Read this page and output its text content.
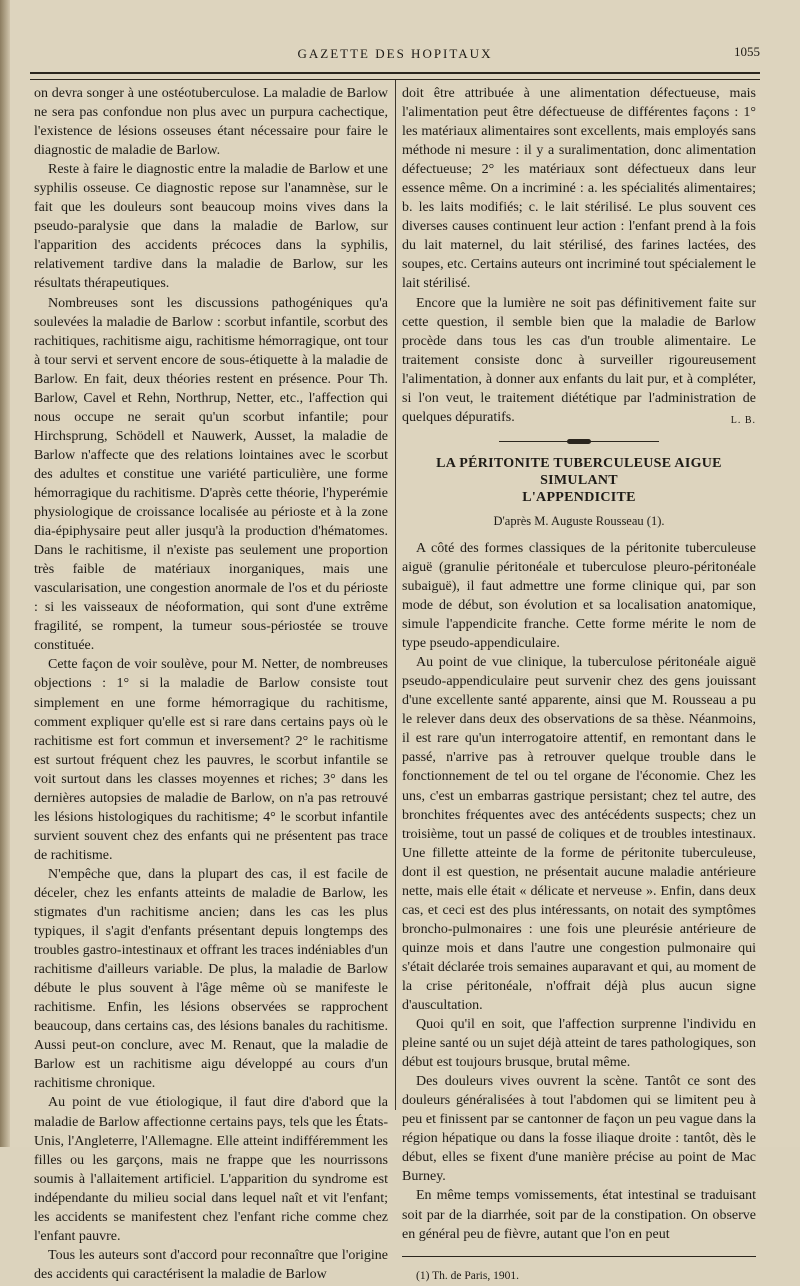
GAZETTE DES HOPITAUX	1055

on devra songer à une ostéotuberculose. La maladie de Barlow ne sera pas confondue non plus avec un purpura cachectique, l'existence de lésions osseuses étant nécessaire pour faire le diagnostic de maladie de Barlow.

Reste à faire le diagnostic entre la maladie de Barlow et une syphilis osseuse. Ce diagnostic repose sur l'anamnèse, sur le fait que les douleurs sont beaucoup moins vives dans la pseudo-paralysie que dans la maladie de Barlow, sur l'apparition des accidents précoces dans la syphilis, relativement tardive dans la maladie de Barlow, sur les résultats thérapeutiques.

Nombreuses sont les discussions pathogéniques qu'a soulevées la maladie de Barlow : scorbut infantile, scorbut des rachitiques, rachitisme aigu, rachitisme hémorragique, ont tour à tour servi et servent encore de sous-étiquette à la maladie de Barlow. En fait, deux théories restent en présence. Pour Th. Barlow, Cavel et Rehn, Northrup, Netter, etc., l'affection qui nous occupe ne serait qu'un scorbut infantile; pour Hirchsprung, Schödell et Nauwerk, Ausset, la maladie de Barlow n'affecte que des relations lointaines avec le scorbut des adultes et constitue une variété particulière, une forme hémorragique du rachitisme. D'après cette théorie, l'hyperémie physiologique de croissance localisée au périoste et à la zone dia-épiphysaire peut aller jusqu'à la production d'hématomes. Dans le rachitisme, il n'existe pas seulement une proportion très faible de matériaux inorganiques, mais une vascularisation, une congestion anormale de l'os et du périoste : si les vaisseaux de néoformation, qui sont d'une extrême fragilité, se rompent, la tumeur sous-périostée se trouve constituée.

Cette façon de voir soulève, pour M. Netter, de nombreuses objections : 1° si la maladie de Barlow consiste tout simplement en une forme hémorragique du rachitisme, comment expliquer qu'elle est si rare dans certains pays où le rachitisme est fort commun et inversement? 2° le rachitisme est surtout fréquent chez les pauvres, le scorbut infantile se voit surtout dans les classes moyennes et riches; 3° dans les dernières autopsies de maladie de Barlow, on n'a pas retrouvé les lésions histologiques du rachitisme; 4° le scorbut infantile survient souvent chez des enfants qui ne présentent pas trace de rachitisme.

N'empêche que, dans la plupart des cas, il est facile de déceler, chez les enfants atteints de maladie de Barlow, les stigmates d'un rachitisme ancien; dans les cas les plus typiques, il s'agit d'enfants présentant depuis longtemps des troubles gastro-intestinaux et offrant les traces indéniables d'un rachitisme d'ailleurs variable. De plus, la maladie de Barlow débute le plus souvent à l'âge même où se manifeste le rachitisme. Enfin, les lésions observées se rapprochent beaucoup, dans certains cas, des lésions banales du rachitisme. Aussi peut-on conclure, avec M. Renaut, que la maladie de Barlow est un rachitisme aigu développé au cours d'un rachitisme chronique.

Au point de vue étiologique, il faut dire d'abord que la maladie de Barlow affectionne certains pays, tels que les États-Unis, l'Angleterre, l'Allemagne. Elle atteint indifféremment les filles ou les garçons, mais ne frappe que les nourrissons soumis à l'allaitement artificiel. L'apparition du syndrome est indépendante du milieu social dans lequel naît et vit l'enfant; les accidents se manifestent chez l'enfant riche comme chez l'enfant pauvre.

Tous les auteurs sont d'accord pour reconnaître que l'origine des accidents qui caractérisent la maladie de Barlow

doit être attribuée à une alimentation défectueuse, mais l'alimentation peut être défectueuse de différentes façons : 1° les matériaux alimentaires sont excellents, mais employés sans méthode ni mesure : il y a suralimentation, donc alimentation défectueuse; 2° les matériaux sont défectueux dans leur essence même. On a incriminé : a. les spécialités alimentaires; b. les laits modifiés; c. le lait stérilisé. Le plus souvent ces diverses causes continuent leur action : l'enfant prend à la fois du lait maternel, du lait stérilisé, des farines lactées, des soupes, etc. Certains auteurs ont incriminé tout spécialement le lait stérilisé.

Encore que la lumière ne soit pas définitivement faite sur cette question, il semble bien que la maladie de Barlow procède dans tous les cas d'un trouble alimentaire. Le traitement consiste donc à surveiller rigoureusement l'alimentation, à donner aux enfants du lait pur, et à compléter, si l'on veut, le traitement diététique par l'administration de quelques dépuratifs.	L. B.

LA PÉRITONITE TUBERCULEUSE AIGUE SIMULANT
L'APPENDICITE
D'après M. Auguste Rousseau (1).

A côté des formes classiques de la péritonite tuberculeuse aiguë (granulie péritonéale et tuberculose pleuro-péritonéale subaiguë), il faut admettre une forme clinique qui, par son mode de début, son évolution et sa localisation anatomique, simule l'appendicite franche. Cette forme mérite le nom de type pseudo-appendiculaire.

Au point de vue clinique, la tuberculose péritonéale aiguë pseudo-appendiculaire peut survenir chez des gens jouissant d'une excellente santé apparente, ainsi que M. Rousseau a pu le relever dans deux des observations de sa thèse. Néanmoins, il est rare qu'un interrogatoire attentif, en remontant dans le passé, n'arrive pas à retrouver quelque trouble dans le fonctionnement de tel ou tel organe de l'économie. Chez les uns, c'est un embarras gastrique persistant; chez tel autre, des bronchites fréquentes avec des antécédents suspects; chez un troisième, tout un passé de coliques et de troubles intestinaux. Une fillette atteinte de la forme de péritonite tuberculeuse, dont il est question, ne présentait aucune maladie antérieure nette, mais elle était « délicate et nerveuse ». Enfin, dans deux cas, et ceci est des plus intéressants, on notait des symptômes broncho-pulmonaires : une fois une pleurésie antérieure de quinze mois et dans l'autre une congestion pulmonaire qui s'était déclarée trois semaines auparavant et qui, au moment de la crise péritonéale, n'offrait déjà plus aucun signe d'auscultation.

Quoi qu'il en soit, que l'affection surprenne l'individu en pleine santé ou un sujet déjà atteint de tares pathologiques, son début est toujours brusque, brutal même.

Des douleurs vives ouvrent la scène. Tantôt ce sont des douleurs généralisées à tout l'abdomen qui se limitent peu à peu et finissent par se cantonner de façon un peu vague dans la région hépatique ou dans la fosse iliaque droite : tantôt, dès le début, elles se fixent d'une manière précise au point de Mac Burney.

En même temps vomissements, état intestinal se traduisant soit par de la diarrhée, soit par de la constipation. On observe en général peu de fièvre, autant que l'on en peut

(1) Th. de Paris, 1901.
